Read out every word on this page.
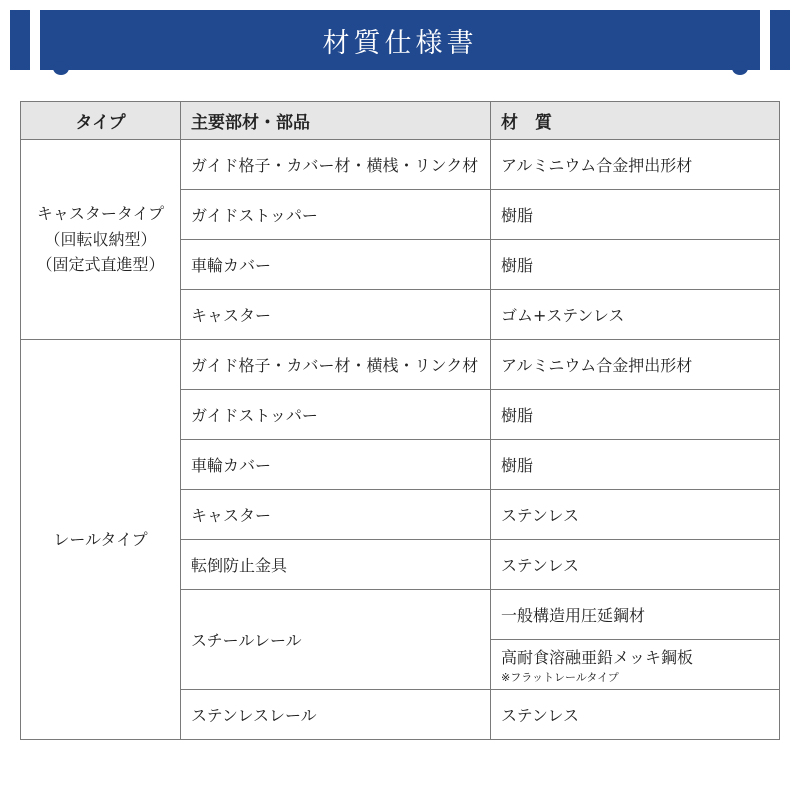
材質仕様書
タイプ	主要部材・部品	材　質

キャスタータイプ
（回転収納型）
（固定式直進型）	ガイド格子・カバー材・横桟・リンク材	アルミニウム合金押出形材
	ガイドストッパー	樹脂
	車輪カバー	樹脂
	キャスター	ゴム+ステンレス
レールタイプ	ガイド格子・カバー材・横桟・リンク材	アルミニウム合金押出形材
	ガイドストッパー	樹脂
	車輪カバー	樹脂
	キャスター	ステンレス
	転倒防止金具	ステンレス
	スチールレール	一般構造用圧延鋼材

		高耐食溶融亜鉛メッキ鋼板
※フラットレールタイプ

	ステンレスレール	ステンレス
